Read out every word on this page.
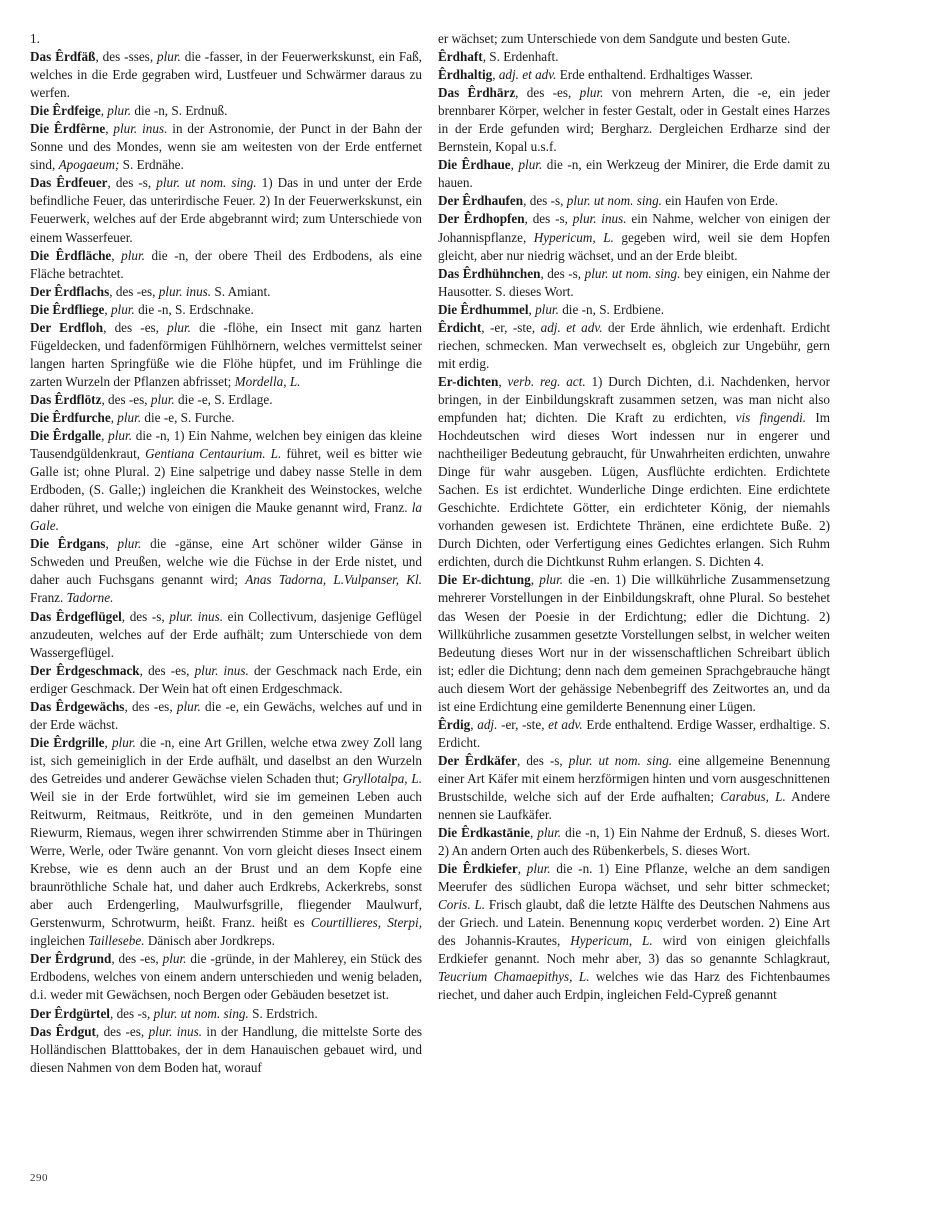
1.

Das Êrdfäß, des -sses, plur. die -fasser, in der Feuerwerkskunst, ein Faß, welches in die Erde gegraben wird, Lustfeuer und Schwärmer daraus zu werfen.

Die Êrdfeige, plur. die -n, S. Erdnuß.

Die Êrdfêrne, plur. inus. in der Astronomie, der Punct in der Bahn der Sonne und des Mondes, wenn sie am weitesten von der Erde entfernet sind, Apogaeum; S. Erdnähe.

Das Êrdfeuer, des -s, plur. ut nom. sing. 1) Das in und unter der Erde befindliche Feuer, das unterirdische Feuer. 2) In der Feuerwerkskunst, ein Feuerwerk, welches auf der Erde abgebrannt wird; zum Unterschiede von einem Wasserfeuer.

Die Êrdfläche, plur. die -n, der obere Theil des Erdbodens, als eine Fläche betrachtet.

Der Êrdflachs, des -es, plur. inus. S. Amiant.

Die Êrdfliege, plur. die -n, S. Erdschnake.

Der Erdfloh, des -es, plur. die -flöhe, ein Insect mit ganz harten Fügeldecken, und fadenförmigen Fühlhörnern, welches vermittelst seiner langen harten Springfüße wie die Flöhe hüpfet, und im Frühlinge die zarten Wurzeln der Pflanzen abfrisset; Mordella, L.

Das Êrdflötz, des -es, plur. die -e, S. Erdlage.

Die Êrdfurche, plur. die -e, S. Furche.

Die Êrdgalle, plur. die -n, 1) Ein Nahme, welchen bey einigen das kleine Tausendgüldenkraut, Gentiana Centaurium. L. führet, weil es bitter wie Galle ist; ohne Plural. 2) Eine salpetrige und dabey nasse Stelle in dem Erdboden, (S. Galle;) ingleichen die Krankheit des Weinstockes, welche daher rühret, und welche von einigen die Mauke genannt wird, Franz. la Gale.

Die Êrdgans, plur. die -gänse, eine Art schöner wilder Gänse in Schweden und Preußen, welche wie die Füchse in der Erde nistet, und daher auch Fuchsgans genannt wird; Anas Tadorna, L.Vulpanser, Kl. Franz. Tadorne.

Das Êrdgeflügel, des -s, plur. inus. ein Collectivum, dasjenige Geflügel anzudeuten, welches auf der Erde aufhält; zum Unterschiede von dem Wassergeflügel.

Der Êrdgeschmack, des -es, plur. inus. der Geschmack nach Erde, ein erdiger Geschmack. Der Wein hat oft einen Erdgeschmack.

Das Êrdgewächs, des -es, plur. die -e, ein Gewächs, welches auf und in der Erde wächst.

Die Êrdgrille, plur. die -n, eine Art Grillen, welche etwa zwey Zoll lang ist, sich gemeiniglich in der Erde aufhält, und daselbst an den Wurzeln des Getreides und anderer Gewächse vielen Schaden thut; Gryllotalpa, L. Weil sie in der Erde fortwühlet, wird sie im gemeinen Leben auch Reitwurm, Reitmaus, Reitkröte, und in den gemeinen Mundarten Riewurm, Riemaus, wegen ihrer schwirrenden Stimme aber in Thüringen Werre, Werle, oder Twäre genannt. Von vorn gleicht dieses Insect einem Krebse, wie es denn auch an der Brust und an dem Kopfe eine braunröthliche Schale hat, und daher auch Erdkrebs, Ackerkrebs, sonst aber auch Erdengerling, Maulwurfsgrille, fliegender Maulwurf, Gerstenwurm, Schrotwurm, heißt. Franz. heißt es Courtillieres, Sterpi, ingleichen Taillesebe. Dänisch aber Jordkreps.

Der Êrdgrund, des -es, plur. die -gründe, in der Mahlerey, ein Stück des Erdbodens, welches von einem andern unterschieden und wenig beladen, d.i. weder mit Gewächsen, noch Bergen oder Gebäuden besetzet ist.

Der Êrdgürtel, des -s, plur. ut nom. sing. S. Erdstrich.

Das Êrdgut, des -es, plur. inus. in der Handlung, die mittelste Sorte des Holländischen Blatttobakes, der in dem Hanauischen gebauet wird, und diesen Nahmen von dem Boden hat, worauf

er wächset; zum Unterschiede von dem Sandgute und besten Gute.

Êrdhaft, S. Erdenhaft.

Êrdhaltig, adj. et adv. Erde enthaltend. Erdhaltiges Wasser.

Das Êrdhārz, des -es, plur. von mehrern Arten, die -e, ein jeder brennbarer Körper, welcher in fester Gestalt, oder in Gestalt eines Harzes in der Erde gefunden wird; Bergharz. Dergleichen Erdharze sind der Bernstein, Kopal u.s.f.

Die Êrdhaue, plur. die -n, ein Werkzeug der Minirer, die Erde damit zu hauen.

Der Êrdhaufen, des -s, plur. ut nom. sing. ein Haufen von Erde.

Der Êrdhopfen, des -s, plur. inus. ein Nahme, welcher von einigen der Johannispflanze, Hypericum, L. gegeben wird, weil sie dem Hopfen gleicht, aber nur niedrig wächset, und an der Erde bleibt.

Das Êrdhühnchen, des -s, plur. ut nom. sing. bey einigen, ein Nahme der Hausotter. S. dieses Wort.

Die Êrdhummel, plur. die -n, S. Erdbiene.

Êrdicht, -er, -ste, adj. et adv. der Erde ähnlich, wie erdenhaft. Erdicht riechen, schmecken. Man verwechselt es, obgleich zur Ungebühr, gern mit erdig.

Er-dichten, verb. reg. act. 1) Durch Dichten, d.i. Nachdenken, hervor bringen, in der Einbildungskraft zusammen setzen, was man nicht also empfunden hat; dichten. Die Kraft zu erdichten, vis fingendi. Im Hochdeutschen wird dieses Wort indessen nur in engerer und nachtheiliger Bedeutung gebraucht, für Unwahrheiten erdichten, unwahre Dinge für wahr ausgeben. Lügen, Ausflüchte erdichten. Erdichtete Sachen. Es ist erdichtet. Wunderliche Dinge erdichten. Eine erdichtete Geschichte. Erdichtete Götter, ein erdichteter König, der niemahls vorhanden gewesen ist. Erdichtete Thränen, eine erdichtete Buße. 2) Durch Dichten, oder Verfertigung eines Gedichtes erlangen. Sich Ruhm erdichten, durch die Dichtkunst Ruhm erlangen. S. Dichten 4.

Die Er-dichtung, plur. die -en. 1) Die willkührliche Zusammensetzung mehrerer Vorstellungen in der Einbildungskraft, ohne Plural. So bestehet das Wesen der Poesie in der Erdichtung; edler die Dichtung. 2) Willkührliche zusammen gesetzte Vorstellungen selbst, in welcher weiten Bedeutung dieses Wort nur in der wissenschaftlichen Schreibart üblich ist; edler die Dichtung; denn nach dem gemeinen Sprachgebrauche hängt auch diesem Wort der gehässige Nebenbegriff des Zeitwortes an, und da ist eine Erdichtung eine gemilderte Benennung einer Lügen.

Êrdig, adj. -er, -ste, et adv. Erde enthaltend. Erdige Wasser, erdhaltige. S. Erdicht.

Der Êrdkäfer, des -s, plur. ut nom. sing. eine allgemeine Benennung einer Art Käfer mit einem herzförmigen hinten und vorn ausgeschnittenen Brustschilde, welche sich auf der Erde aufhalten; Carabus, L. Andere nennen sie Laufkäfer.

Die Êrdkastānie, plur. die -n, 1) Ein Nahme der Erdnuß, S. dieses Wort. 2) An andern Orten auch des Rübenkerbels, S. dieses Wort.

Die Êrdkiefer, plur. die -n. 1) Eine Pflanze, welche an dem sandigen Meerufer des südlichen Europa wächset, und sehr bitter schmecket; Coris. L. Frisch glaubt, daß die letzte Hälfte des Deutschen Nahmens aus der Griech. und Latein. Benennung κορις verderbet worden. 2) Eine Art des Johannis-Krautes, Hypericum, L. wird von einigen gleichfalls Erdkiefer genannt. Noch mehr aber, 3) das so genannte Schlagkraut, Teucrium Chamaepithys, L. welches wie das Harz des Fichtenbaumes riechet, und daher auch Erdpin, ingleichen Feld-Cypreß genannt

290
